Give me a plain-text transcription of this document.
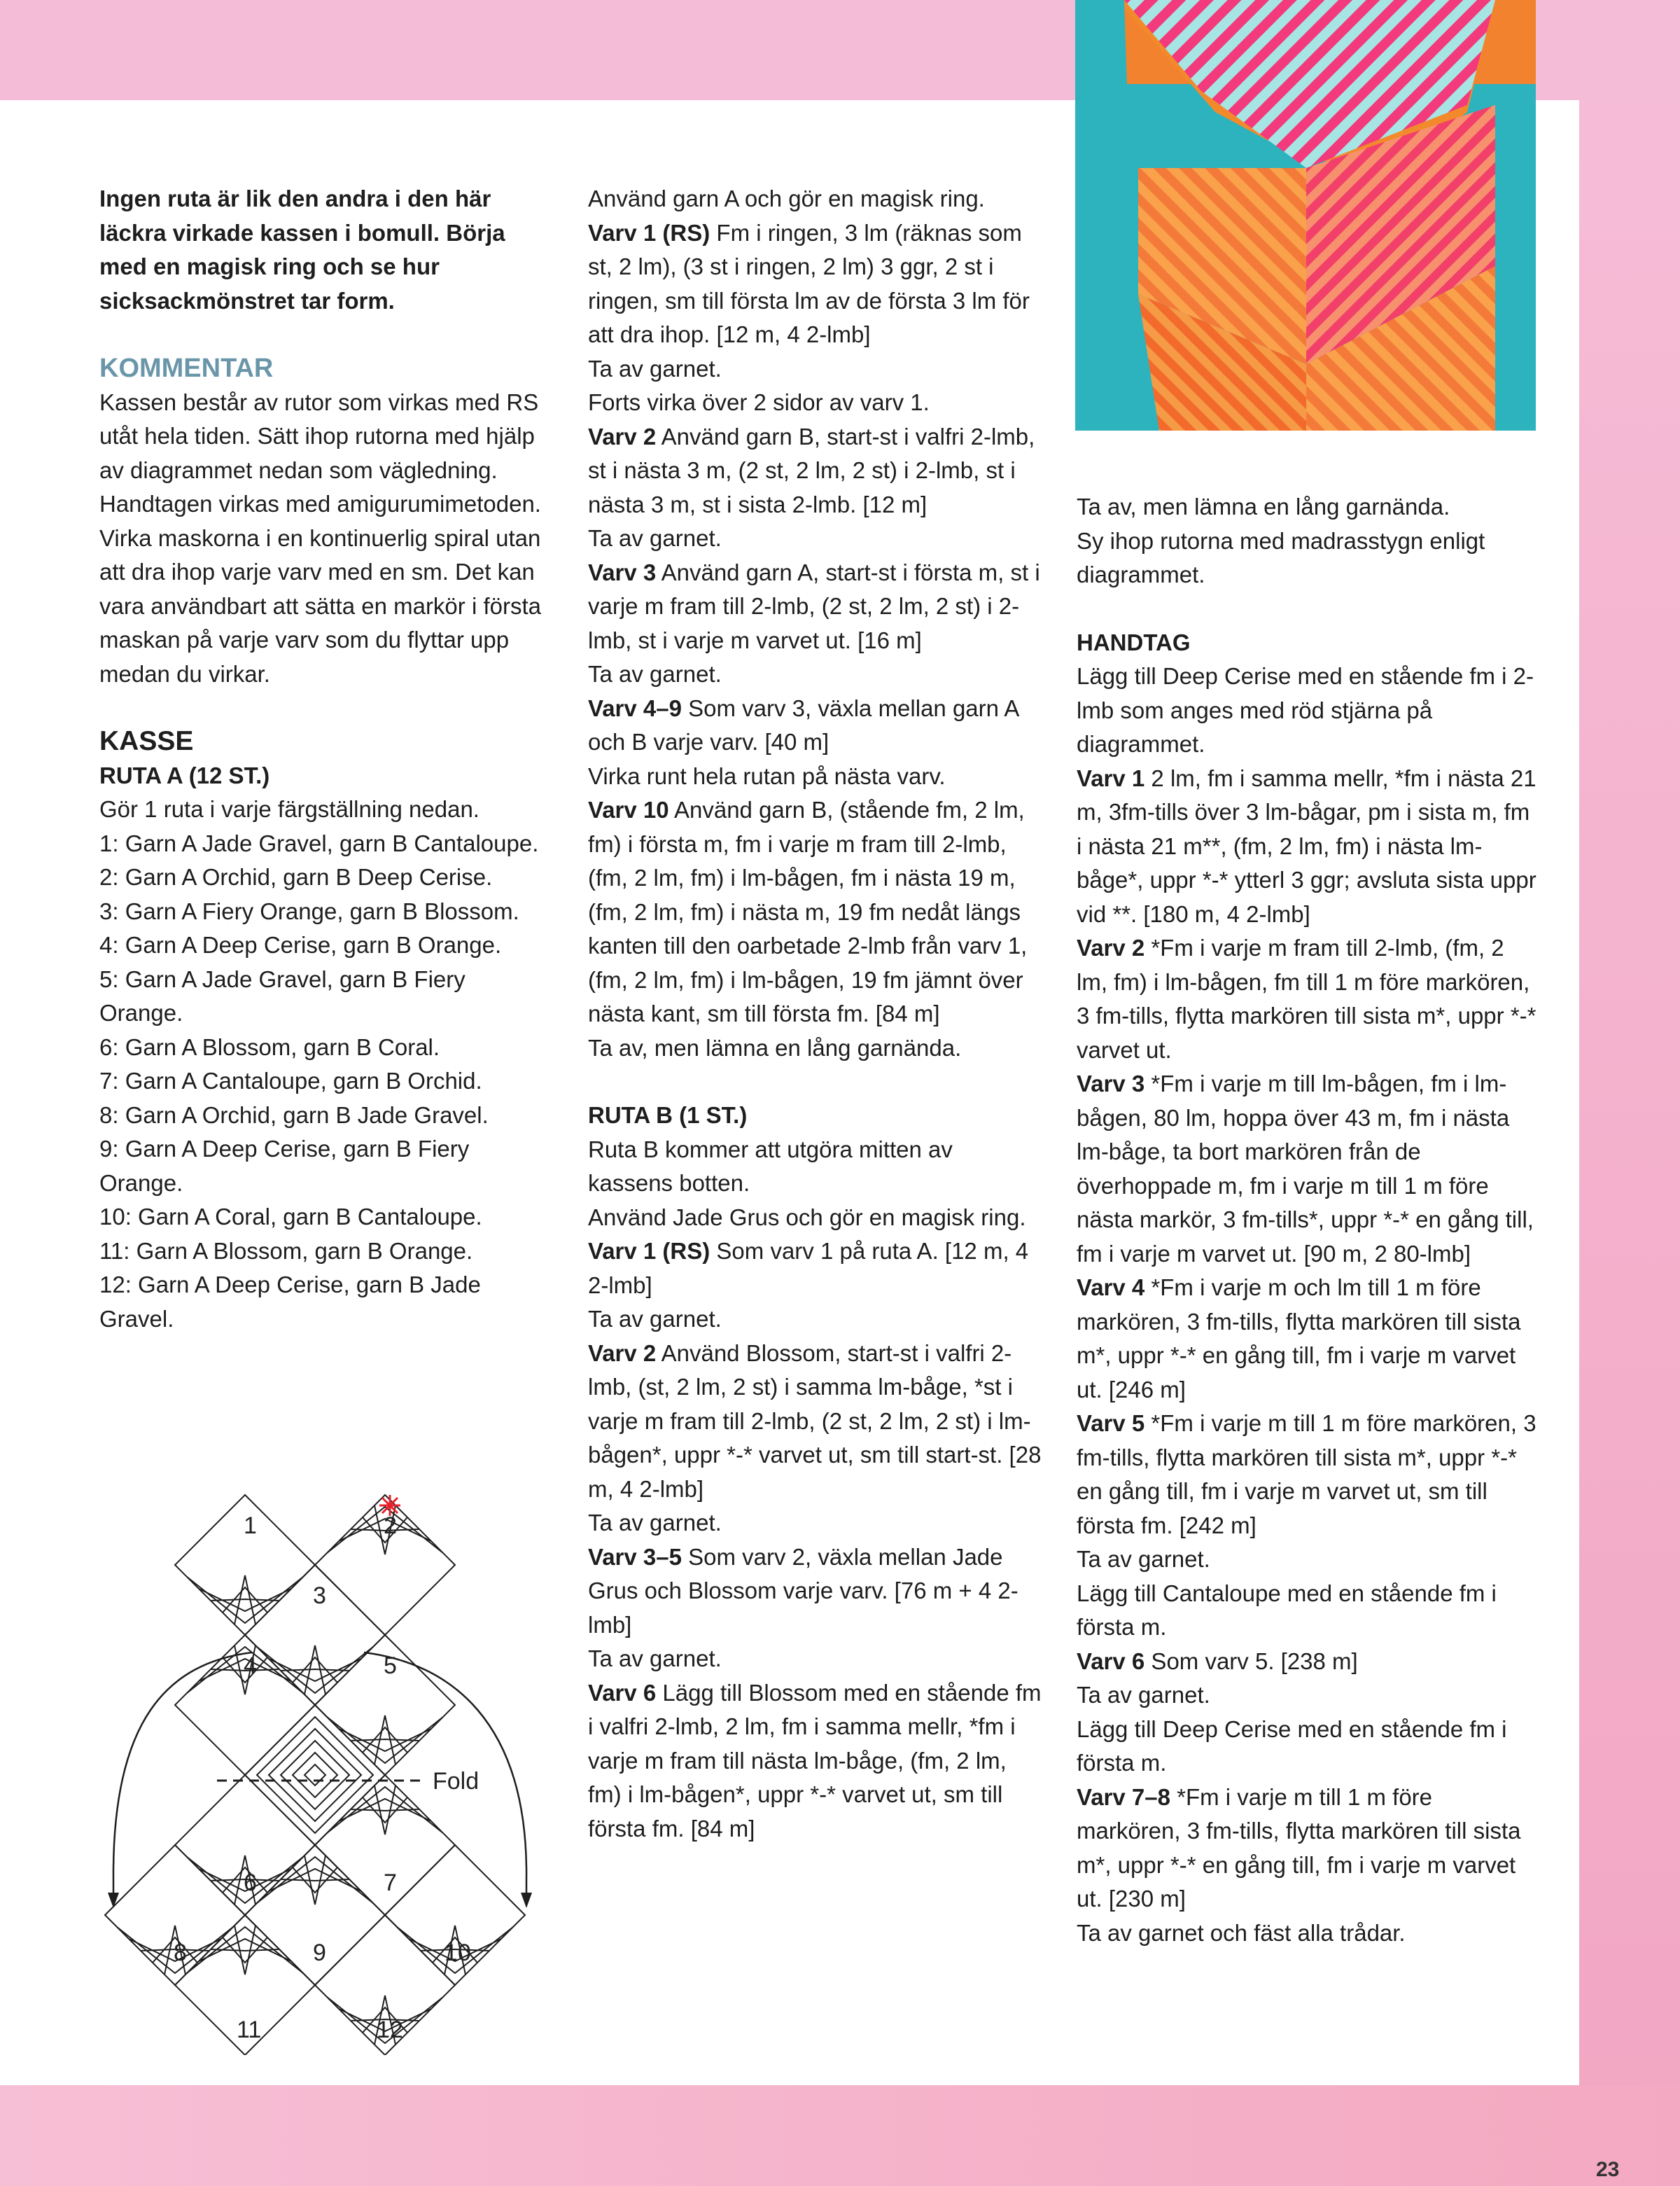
Ingen ruta är lik den andra i den här läckra virkade kassen i bomull. Börja med en magisk ring och se hur sicksackmönstret tar form.

KOMMENTAR

Kassen består av rutor som virkas med RS utåt hela tiden. Sätt ihop rutorna med hjälp av diagrammet nedan som vägledning. Handtagen virkas med amigurumimetoden. Virka maskorna i en kontinuerlig spiral utan att dra ihop varje varv med en sm. Det kan vara användbart att sätta en markör i första maskan på varje varv som du flyttar upp medan du virkar.

KASSE

RUTA A (12 ST.)

Gör 1 ruta i varje färgställning nedan.

1: Garn A Jade Gravel, garn B Cantaloupe.

2: Garn A Orchid, garn B Deep Cerise.

3: Garn A Fiery Orange, garn B Blossom.

4: Garn A Deep Cerise, garn B Orange.

5: Garn A Jade Gravel, garn B Fiery Orange.

6: Garn A Blossom, garn B Coral.

7: Garn A Cantaloupe, garn B Orchid.

8: Garn A Orchid, garn B Jade Gravel.

9: Garn A Deep Cerise, garn B Fiery Orange.

10: Garn A Coral, garn B Cantaloupe.

11: Garn A Blossom, garn B Orange.

12: Garn A Deep Cerise, garn B Jade Gravel.

Fold
1	2
3
4	5
6	7
8	9	10
11	12

Använd garn A och gör en magisk ring.

Varv 1 (RS) Fm i ringen, 3 lm (räknas som st, 2 lm), (3 st i ringen, 2 lm) 3 ggr, 2 st i ringen, sm till första lm av de första 3 lm för att dra ihop. [12 m, 4 2-lmb]

Ta av garnet.

Forts virka över 2 sidor av varv 1.

Varv 2 Använd garn B, start-st i valfri 2-lmb, st i nästa 3 m, (2 st, 2 lm, 2 st) i 2-lmb, st i nästa 3 m, st i sista 2-lmb. [12 m]

Ta av garnet.

Varv 3 Använd garn A, start-st i första m, st i varje m fram till 2-lmb, (2 st, 2 lm, 2 st) i 2-lmb, st i varje m varvet ut. [16 m]

Ta av garnet.

Varv 4–9 Som varv 3, växla mellan garn A och B varje varv. [40 m]

Virka runt hela rutan på nästa varv.

Varv 10 Använd garn B, (stående fm, 2 lm, fm) i första m, fm i varje m fram till 2-lmb, (fm, 2 lm, fm) i lm-bågen, fm i nästa 19 m, (fm, 2 lm, fm) i nästa m, 19 fm nedåt längs kanten till den oarbetade 2-lmb från varv 1, (fm, 2 lm, fm) i lm-bågen, 19 fm jämnt över nästa kant, sm till första fm. [84 m]

Ta av, men lämna en lång garnända.

RUTA B (1 ST.)

Ruta B kommer att utgöra mitten av kassens botten.

Använd Jade Grus och gör en magisk ring.

Varv 1 (RS) Som varv 1 på ruta A. [12 m, 4 2-lmb]

Ta av garnet.

Varv 2 Använd Blossom, start-st i valfri 2-lmb, (st, 2 lm, 2 st) i samma lm-båge, *st i varje m fram till 2-lmb, (2 st, 2 lm, 2 st) i lm-bågen*, uppr *-* varvet ut, sm till start-st. [28 m, 4 2-lmb]

Ta av garnet.

Varv 3–5 Som varv 2, växla mellan Jade Grus och Blossom varje varv. [76 m + 4 2-lmb]

Ta av garnet.

Varv 6 Lägg till Blossom med en stående fm i valfri 2-lmb, 2 lm, fm i samma mellr, *fm i varje m fram till nästa lm-båge, (fm, 2 lm, fm) i lm-bågen*, uppr *-* varvet ut, sm till första fm. [84 m]

Ta av, men lämna en lång garnända.

Sy ihop rutorna med madrasstygn enligt diagrammet.

HANDTAG

Lägg till Deep Cerise med en stående fm i 2-lmb som anges med röd stjärna på diagrammet.

Varv 1 2 lm, fm i samma mellr, *fm i nästa 21 m, 3fm-tills över 3 lm-bågar, pm i sista m, fm i nästa 21 m**, (fm, 2 lm, fm) i nästa lm-båge*, uppr *-* ytterl 3 ggr; avsluta sista uppr vid **. [180 m, 4 2-lmb]

Varv 2 *Fm i varje m fram till 2-lmb, (fm, 2 lm, fm) i lm-bågen, fm till 1 m före markören, 3 fm-tills, flytta markören till sista m*, uppr *-* varvet ut.

Varv 3 *Fm i varje m till lm-bågen, fm i lm-bågen, 80 lm, hoppa över 43 m, fm i nästa lm-båge, ta bort markören från de överhoppade m, fm i varje m till 1 m före nästa markör, 3 fm-tills*, uppr *-* en gång till, fm i varje m varvet ut. [90 m, 2 80-lmb]

Varv 4 *Fm i varje m och lm till 1 m före markören, 3 fm-tills, flytta markören till sista m*, uppr *-* en gång till, fm i varje m varvet ut. [246 m]

Varv 5 *Fm i varje m till 1 m före markören, 3 fm-tills, flytta markören till sista m*, uppr *-* en gång till, fm i varje m varvet ut, sm till första fm. [242 m]

Ta av garnet.

Lägg till Cantaloupe med en stående fm i första m.

Varv 6 Som varv 5. [238 m]

Ta av garnet.

Lägg till Deep Cerise med en stående fm i första m.

Varv 7–8 *Fm i varje m till 1 m före markören, 3 fm-tills, flytta markören till sista m*, uppr *-* en gång till, fm i varje m varvet ut. [230 m]

Ta av garnet och fäst alla trådar.

23
